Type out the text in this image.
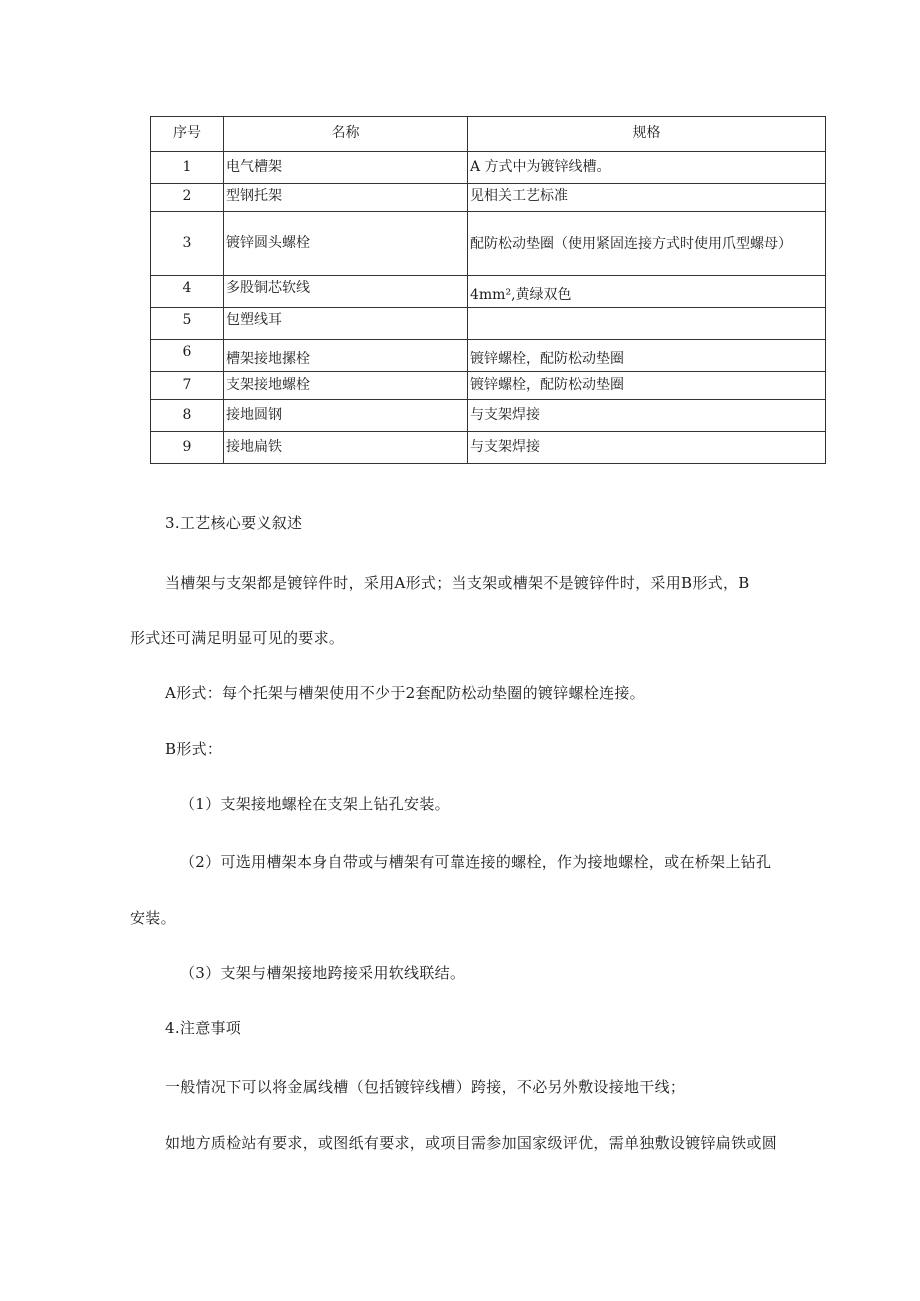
序号	名称	规格
1	电气槽架	A 方式中为镀锌线槽。
2	型钢托架	见相关工艺标准
3	镀锌圆头螺栓	配防松动垫圈（使用紧固连接方式时使用爪型螺母）
4	多股铜芯软线	4mm²,黄绿双色
5	包塑线耳	
6	槽架接地摞栓	镀锌螺栓，配防松动垫圈
7	支架接地螺栓	镀锌螺栓，配防松动垫圈
8	接地圆钢	与支架焊接
9	接地扁铁	与支架焊接
3.工艺核心要义叙述
当槽架与支架都是镀锌件时，采用A形式；当支架或槽架不是镀锌件时，采用B形式，B
形式还可满足明显可见的要求。
A形式：每个托架与槽架使用不少于2套配防松动垫圈的镀锌螺栓连接。
B形式：
（1）支架接地螺栓在支架上钻孔安装。
（2）可选用槽架本身自带或与槽架有可靠连接的螺栓，作为接地螺栓，或在桥架上钻孔
安装。
（3）支架与槽架接地跨接采用软线联结。
4.注意事项
一般情况下可以将金属线槽（包括镀锌线槽）跨接，不必另外敷设接地干线；
如地方质检站有要求，或图纸有要求，或项目需参加国家级评优，需单独敷设镀锌扁铁或圆
